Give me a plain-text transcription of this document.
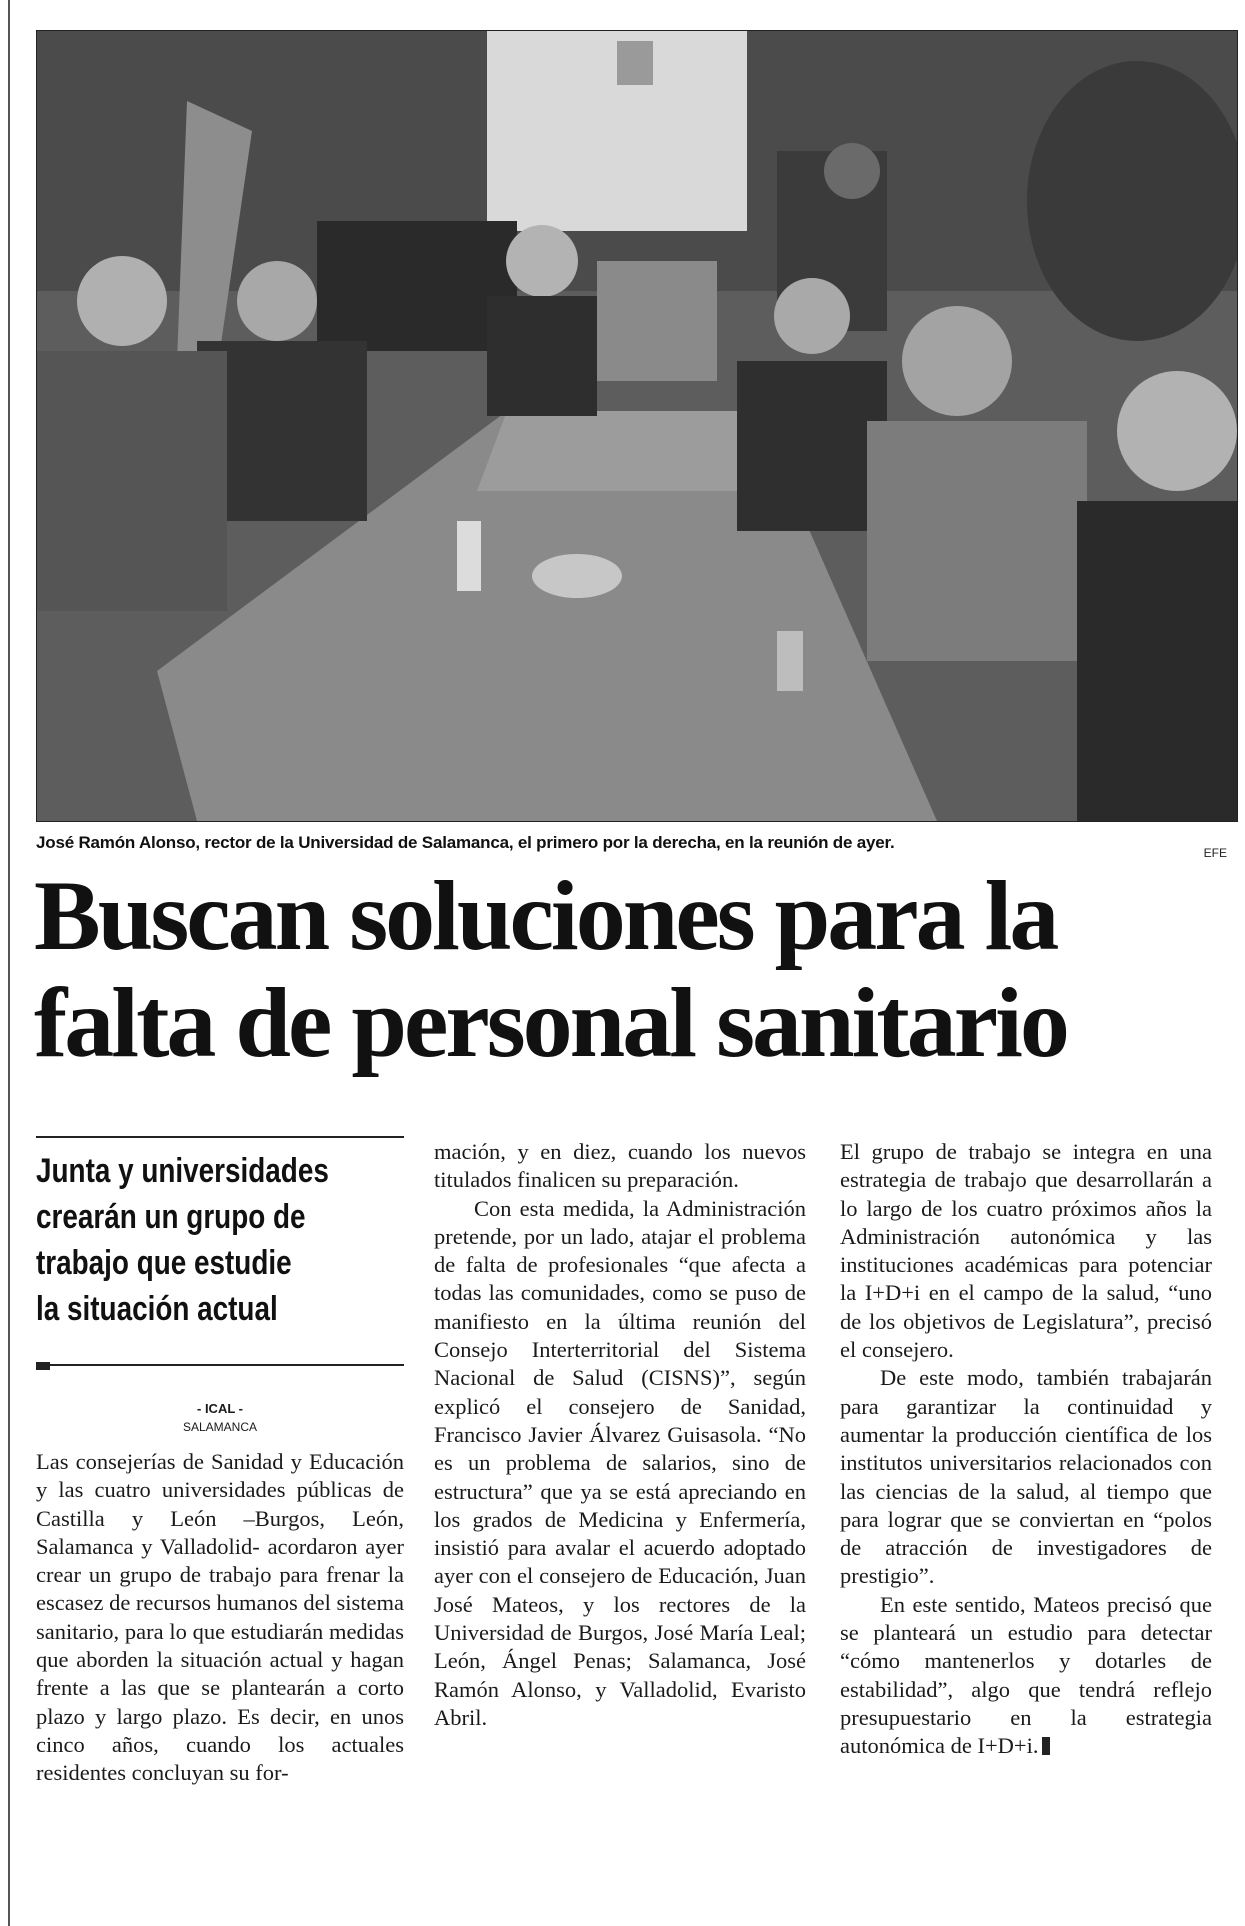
José Ramón Alonso, rector de la Universidad de Salamanca, el primero por la derecha, en la reunión de ayer.
EFE
Buscan soluciones para la
falta de personal sanitario
Junta y universidades
crearán un grupo de
trabajo que estudie
la situación actual
- ICAL -
SALAMANCA

Las consejerías de Sanidad y Educación y las cuatro universidades públicas de Castilla y León –Burgos, León, Salamanca y Valladolid- acordaron ayer crear un grupo de trabajo para frenar la escasez de recursos humanos del sistema sanitario, para lo que estudiarán medidas que aborden la situación actual y hagan frente a las que se plantearán a corto plazo y largo plazo. Es decir, en unos cinco años, cuando los actuales residentes concluyan su for-

mación, y en diez, cuando los nuevos titulados finalicen su preparación.

Con esta medida, la Administración pretende, por un lado, atajar el problema de falta de profesionales “que afecta a todas las comunidades, como se puso de manifiesto en la última reunión del Consejo Interterritorial del Sistema Nacional de Salud (CISNS)”, según explicó el consejero de Sanidad, Francisco Javier Álvarez Guisasola. “No es un problema de salarios, sino de estructura” que ya se está apreciando en los grados de Medicina y Enfermería, insistió para avalar el acuerdo adoptado ayer con el consejero de Educación, Juan José Mateos, y los rectores de la Universidad de Burgos, José María Leal; León, Ángel Penas; Salamanca, José Ramón Alonso, y Valladolid, Evaristo Abril.

El grupo de trabajo se integra en una estrategia de trabajo que desarrollarán a lo largo de los cuatro próximos años la Administración autonómica y las instituciones académicas para potenciar la I+D+i en el campo de la salud, “uno de los objetivos de Legislatura”, precisó el consejero.

De este modo, también trabajarán para garantizar la continuidad y aumentar la producción científica de los institutos universitarios relacionados con las ciencias de la salud, al tiempo que para lograr que se conviertan en “polos de atracción de investigadores de prestigio”.

En este sentido, Mateos precisó que se planteará un estudio para detectar “cómo mantenerlos y dotarles de estabilidad”, algo que tendrá reflejo presupuestario en la estrategia autonómica de I+D+i.
